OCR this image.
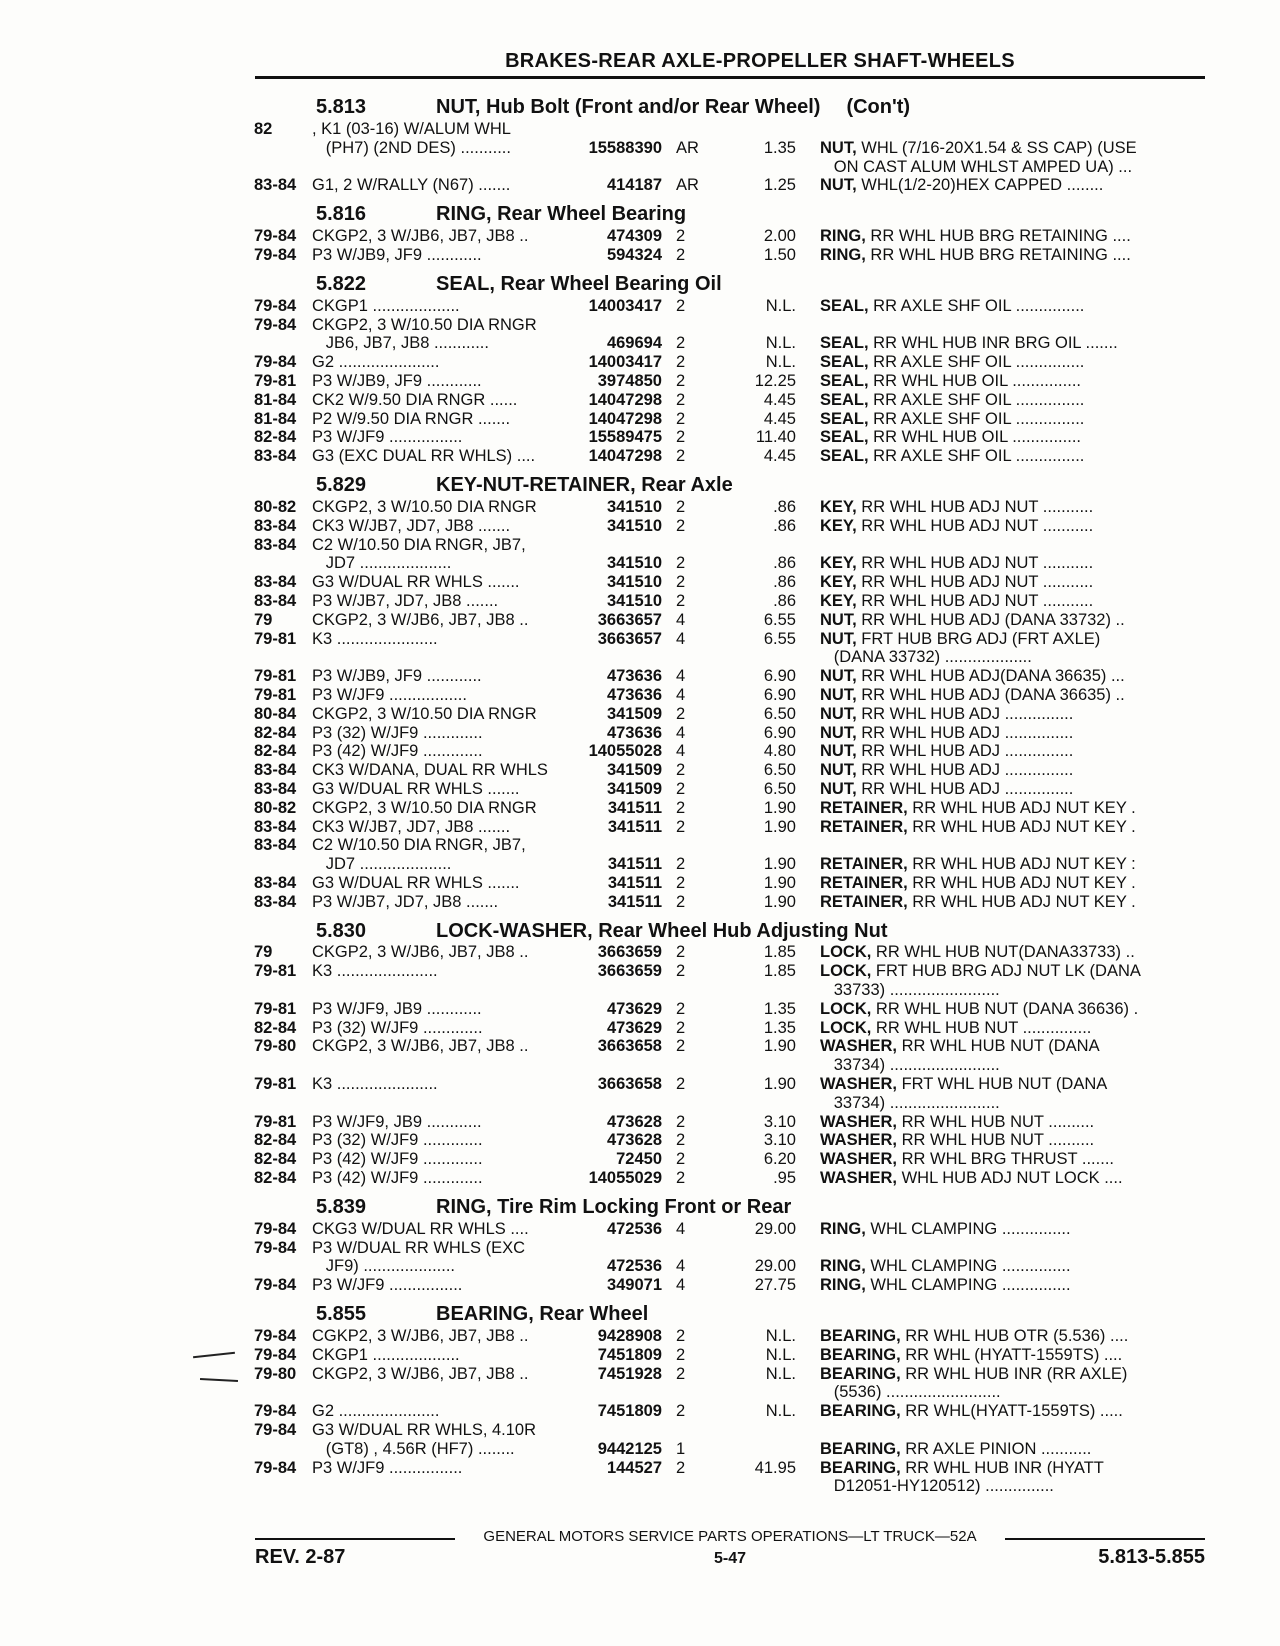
BRAKES-REAR AXLE-PROPELLER SHAFT-WHEELS
5.813	NUT, Hub Bolt (Front and/or Rear Wheel) (Con't)
82	, K1 (03-16) W/ALUM WHL
(PH7) (2ND DES) ...........	15588390 AR	1.35	NUT, WHL (7/16-20X1.54 & SS CAP) (USE
ON CAST ALUM WHLST AMPED UA) ...
83-84 G1, 2 W/RALLY (N67) .......	414187 AR	1.25	NUT, WHL(1/2-20)HEX CAPPED ........
5.816	RING, Rear Wheel Bearing
79-84 CKGP2, 3 W/JB6, JB7, JB8 ..	474309 2	2.00	RING, RR WHL HUB BRG RETAINING ....
79-84 P3 W/JB9, JF9 ............	594324 2	1.50	RING, RR WHL HUB BRG RETAINING ....
5.822	SEAL, Rear Wheel Bearing Oil
79-84 CKGP1 ...................	14003417 2	N.L.	SEAL, RR AXLE SHF OIL ...............
79-84 CKGP2, 3 W/10.50 DIA RNGR
JB6, JB7, JB8 ............	469694 2	N.L.	SEAL, RR WHL HUB INR BRG OIL .......
79-84 G2 ......................	14003417 2	N.L.	SEAL, RR AXLE SHF OIL ...............
79-81 P3 W/JB9, JF9 ............	3974850 2	12.25	SEAL, RR WHL HUB OIL ...............
81-84 CK2 W/9.50 DIA RNGR ......	14047298 2	4.45	SEAL, RR AXLE SHF OIL ...............
81-84 P2 W/9.50 DIA RNGR .......	14047298 2	4.45	SEAL, RR AXLE SHF OIL ...............
82-84 P3 W/JF9 ................	15589475 2	11.40	SEAL, RR WHL HUB OIL ...............
83-84 G3 (EXC DUAL RR WHLS) ....	14047298 2	4.45	SEAL, RR AXLE SHF OIL ...............
5.829	KEY-NUT-RETAINER, Rear Axle
80-82 CKGP2, 3 W/10.50 DIA RNGR	341510 2	.86	KEY, RR WHL HUB ADJ NUT ...........
83-84 CK3 W/JB7, JD7, JB8 .......	341510 2	.86	KEY, RR WHL HUB ADJ NUT ...........
83-84 C2 W/10.50 DIA RNGR, JB7,
JD7 ....................	341510 2	.86	KEY, RR WHL HUB ADJ NUT ...........
83-84 G3 W/DUAL RR WHLS .......	341510 2	.86	KEY, RR WHL HUB ADJ NUT ...........
83-84 P3 W/JB7, JD7, JB8 .......	341510 2	.86	KEY, RR WHL HUB ADJ NUT ...........
79	CKGP2, 3 W/JB6, JB7, JB8 ..	3663657 4	6.55	NUT, RR WHL HUB ADJ (DANA 33732) ..
79-81 K3 ......................	3663657 4	6.55	NUT, FRT HUB BRG ADJ (FRT AXLE)
(DANA 33732) ...................
79-81 P3 W/JB9, JF9 ............	473636 4	6.90	NUT, RR WHL HUB ADJ(DANA 36635) ...
79-81 P3 W/JF9 .................	473636 4	6.90	NUT, RR WHL HUB ADJ (DANA 36635) ..
80-84 CKGP2, 3 W/10.50 DIA RNGR	341509 2	6.50	NUT, RR WHL HUB ADJ ...............
82-84 P3 (32) W/JF9 .............	473636 4	6.90	NUT, RR WHL HUB ADJ ...............
82-84 P3 (42) W/JF9 .............	14055028 4	4.80	NUT, RR WHL HUB ADJ ...............
83-84 CK3 W/DANA, DUAL RR WHLS	341509 2	6.50	NUT, RR WHL HUB ADJ ...............
83-84 G3 W/DUAL RR WHLS .......	341509 2	6.50	NUT, RR WHL HUB ADJ ...............
80-82 CKGP2, 3 W/10.50 DIA RNGR	341511 2	1.90	RETAINER, RR WHL HUB ADJ NUT KEY .
83-84 CK3 W/JB7, JD7, JB8 .......	341511 2	1.90	RETAINER, RR WHL HUB ADJ NUT KEY .
83-84 C2 W/10.50 DIA RNGR, JB7,
JD7 ....................	341511 2	1.90	RETAINER, RR WHL HUB ADJ NUT KEY :
83-84 G3 W/DUAL RR WHLS .......	341511 2	1.90	RETAINER, RR WHL HUB ADJ NUT KEY .
83-84 P3 W/JB7, JD7, JB8 .......	341511 2	1.90	RETAINER, RR WHL HUB ADJ NUT KEY .
5.830	LOCK-WASHER, Rear Wheel Hub Adjusting Nut
79	CKGP2, 3 W/JB6, JB7, JB8 ..	3663659 2	1.85	LOCK, RR WHL HUB NUT(DANA33733) ..
79-81 K3 ......................	3663659 2	1.85	LOCK, FRT HUB BRG ADJ NUT LK (DANA
33733) ........................
79-81 P3 W/JF9, JB9 ............	473629 2	1.35	LOCK, RR WHL HUB NUT (DANA 36636) .
82-84 P3 (32) W/JF9 .............	473629 2	1.35	LOCK, RR WHL HUB NUT ...............
79-80 CKGP2, 3 W/JB6, JB7, JB8 ..	3663658 2	1.90	WASHER, RR WHL HUB NUT (DANA
33734) ........................
79-81 K3 ......................	3663658 2	1.90	WASHER, FRT WHL HUB NUT (DANA
33734) ........................
79-81 P3 W/JF9, JB9 ............	473628 2	3.10	WASHER, RR WHL HUB NUT ..........
82-84 P3 (32) W/JF9 .............	473628 2	3.10	WASHER, RR WHL HUB NUT ..........
82-84 P3 (42) W/JF9 .............	72450 2	6.20	WASHER, RR WHL BRG THRUST .......
82-84 P3 (42) W/JF9 .............	14055029 2	.95	WASHER, WHL HUB ADJ NUT LOCK ....
5.839	RING, Tire Rim Locking Front or Rear
79-84 CKG3 W/DUAL RR WHLS ....	472536 4	29.00	RING, WHL CLAMPING ...............
79-84 P3 W/DUAL RR WHLS (EXC
JF9) ....................	472536 4	29.00	RING, WHL CLAMPING ...............
79-84 P3 W/JF9 ................	349071 4	27.75	RING, WHL CLAMPING ...............
5.855	BEARING, Rear Wheel
79-84 CGKP2, 3 W/JB6, JB7, JB8 ..	9428908 2	N.L.	BEARING, RR WHL HUB OTR (5.536) ....
79-84 CKGP1 ...................	7451809 2	N.L.	BEARING, RR WHL (HYATT-1559TS) ....
79-80 CKGP2, 3 W/JB6, JB7, JB8 ..	7451928 2	N.L.	BEARING, RR WHL HUB INR (RR AXLE)
(5536) .........................
79-84 G2 ......................	7451809 2	N.L.	BEARING, RR WHL(HYATT-1559TS) .....
79-84 G3 W/DUAL RR WHLS, 4.10R
(GT8) , 4.56R (HF7) ........	9442125 1	BEARING, RR AXLE PINION ...........
79-84 P3 W/JF9 ................	144527 2	41.95	BEARING, RR WHL HUB INR (HYATT
D12051-HY120512) ...............
GENERAL MOTORS SERVICE PARTS OPERATIONS—LT TRUCK—52A
REV. 2-87	5-47	5.813-5.855
